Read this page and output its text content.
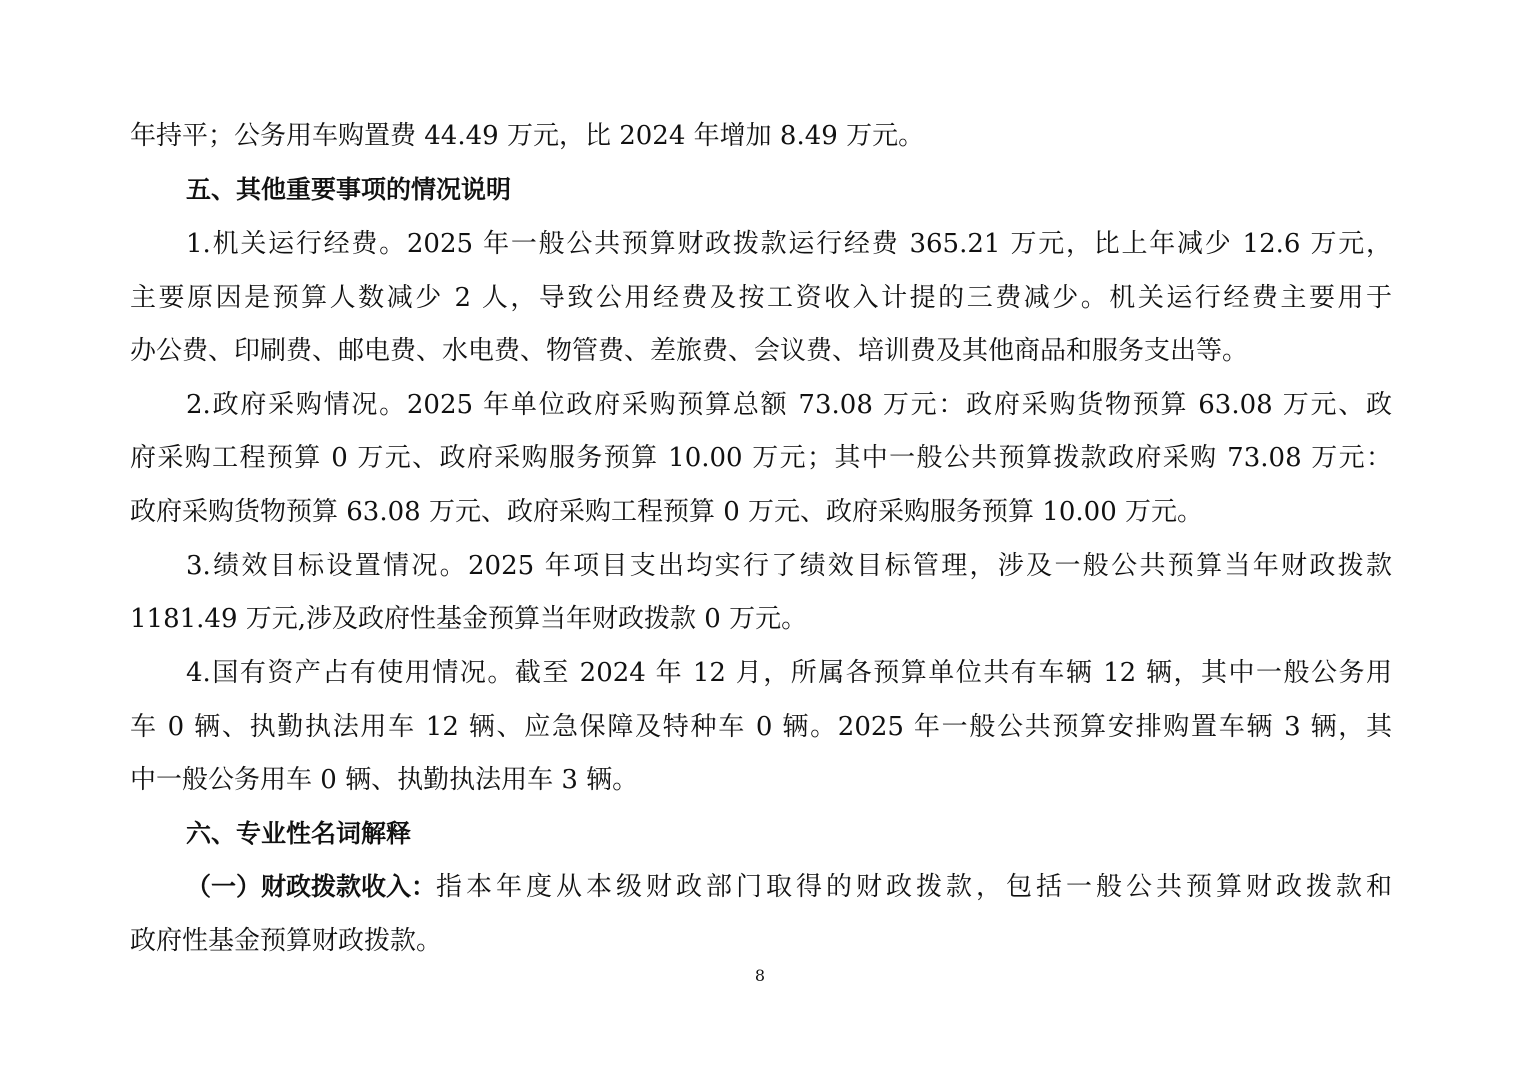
年持平；公务用车购置费 44.49 万元，比 2024 年增加 8.49 万元。
五、其他重要事项的情况说明
1.机关运行经费。2025 年一般公共预算财政拨款运行经费 365.21 万元，比上年减少 12.6 万元，
主要原因是预算人数减少 2 人，导致公用经费及按工资收入计提的三费减少。机关运行经费主要用于
办公费、印刷费、邮电费、水电费、物管费、差旅费、会议费、培训费及其他商品和服务支出等。
2.政府采购情况。2025 年单位政府采购预算总额 73.08 万元：政府采购货物预算 63.08 万元、政
府采购工程预算 0 万元、政府采购服务预算 10.00 万元；其中一般公共预算拨款政府采购 73.08 万元：
政府采购货物预算 63.08 万元、政府采购工程预算 0 万元、政府采购服务预算 10.00 万元。
3.绩效目标设置情况。2025 年项目支出均实行了绩效目标管理，涉及一般公共预算当年财政拨款
1181.49 万元,涉及政府性基金预算当年财政拨款 0 万元。
4.国有资产占有使用情况。截至 2024 年 12 月，所属各预算单位共有车辆 12 辆，其中一般公务用
车 0 辆、执勤执法用车 12 辆、应急保障及特种车 0 辆。2025 年一般公共预算安排购置车辆 3 辆，其
中一般公务用车 0 辆、执勤执法用车 3 辆。
六、专业性名词解释
（一）财政拨款收入： 指本年度从本级财政部门取得的财政拨款，包括一般公共预算财政拨款和
政府性基金预算财政拨款。
8
